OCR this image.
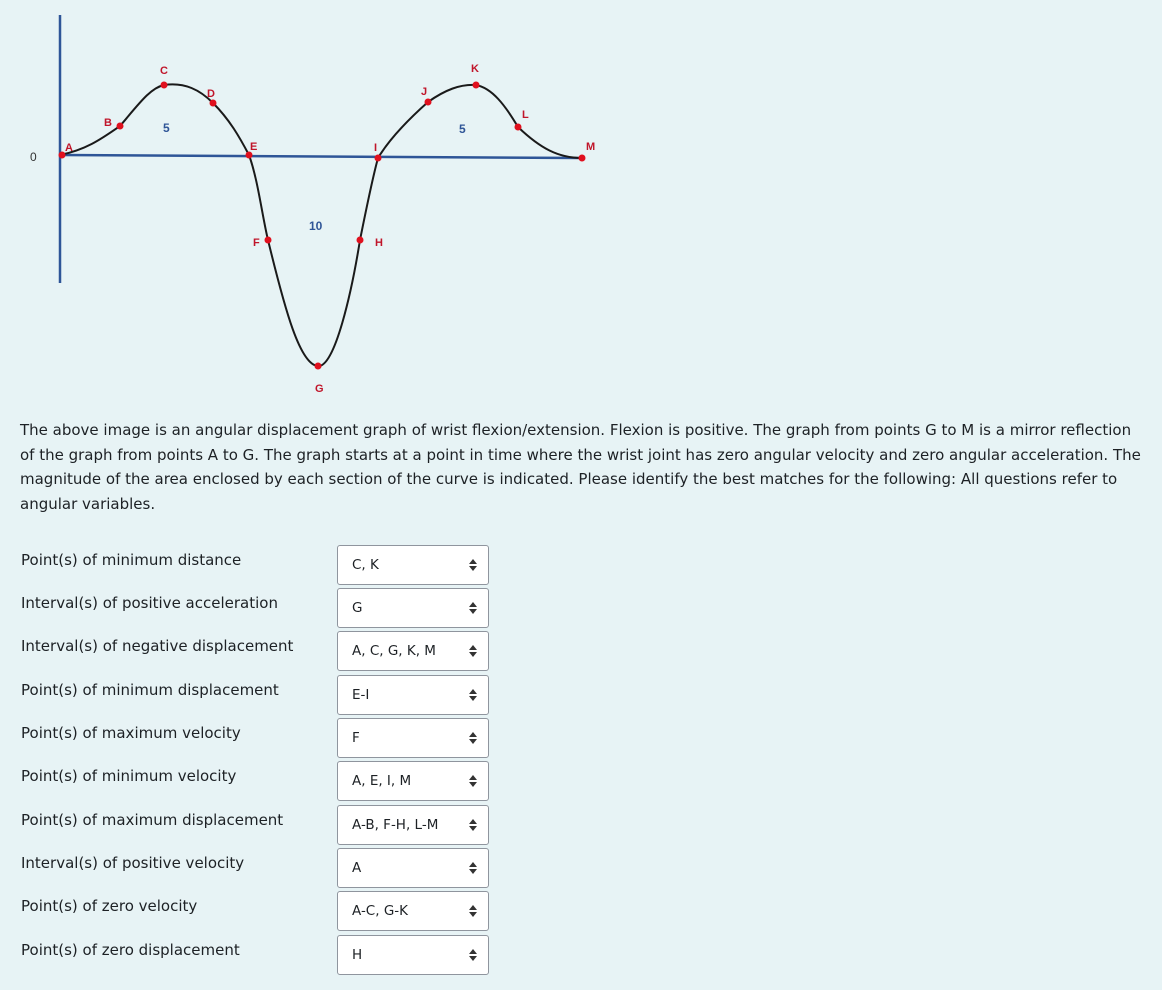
0
A
B
C
D
E
F
G
H
I
J
K
L
M
5
10
5

The above image is an angular displacement graph of wrist flexion/extension. Flexion is positive. The graph from points G to M is a mirror reflection of the graph from points A to G. The graph starts at a point in time where the wrist joint has zero angular velocity and zero angular acceleration. The magnitude of the area enclosed by each section of the curve is indicated. Please identify the best matches for the following: All questions refer to angular variables.

Point(s) of minimum distance	C, K
Interval(s) of positive acceleration	G
Interval(s) of negative displacement	A, C, G, K, M
Point(s) of minimum displacement	E-I
Point(s) of maximum velocity	F
Point(s) of minimum velocity	A, E, I, M
Point(s) of maximum displacement	A-B, F-H, L-M
Interval(s) of positive velocity	A
Point(s) of zero velocity	A-C, G-K
Point(s) of zero displacement	H
